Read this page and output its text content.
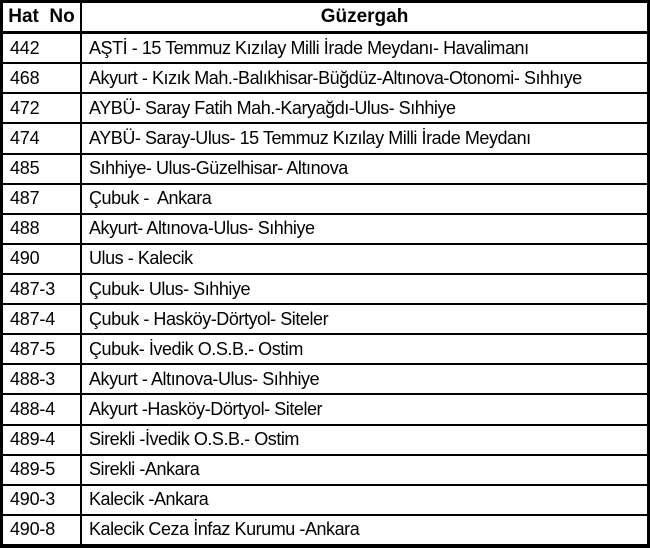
Hat  No	Güzergah
442	AŞTİ - 15 Temmuz Kızılay Milli İrade Meydanı- Havalimanı
468	Akyurt - Kızık Mah.-Balıkhisar-Büğdüz-Altınova-Otonomi- Sıhhıye
472	AYBÜ- Saray Fatih Mah.-Karyağdı-Ulus- Sıhhiye
474	AYBÜ- Saray-Ulus- 15 Temmuz Kızılay Milli İrade Meydanı
485	Sıhhiye- Ulus-Güzelhisar- Altınova
487	Çubuk -  Ankara
488	Akyurt- Altınova-Ulus- Sıhhiye
490	Ulus - Kalecik
487-3	Çubuk- Ulus- Sıhhiye
487-4	Çubuk - Hasköy-Dörtyol- Siteler
487-5	Çubuk- İvedik O.S.B.- Ostim
488-3	Akyurt - Altınova-Ulus- Sıhhiye
488-4	Akyurt -Hasköy-Dörtyol- Siteler
489-4	Sirekli -İvedik O.S.B.- Ostim
489-5	Sirekli -Ankara
490-3	Kalecik -Ankara
490-8	Kalecik Ceza İnfaz Kurumu -Ankara
